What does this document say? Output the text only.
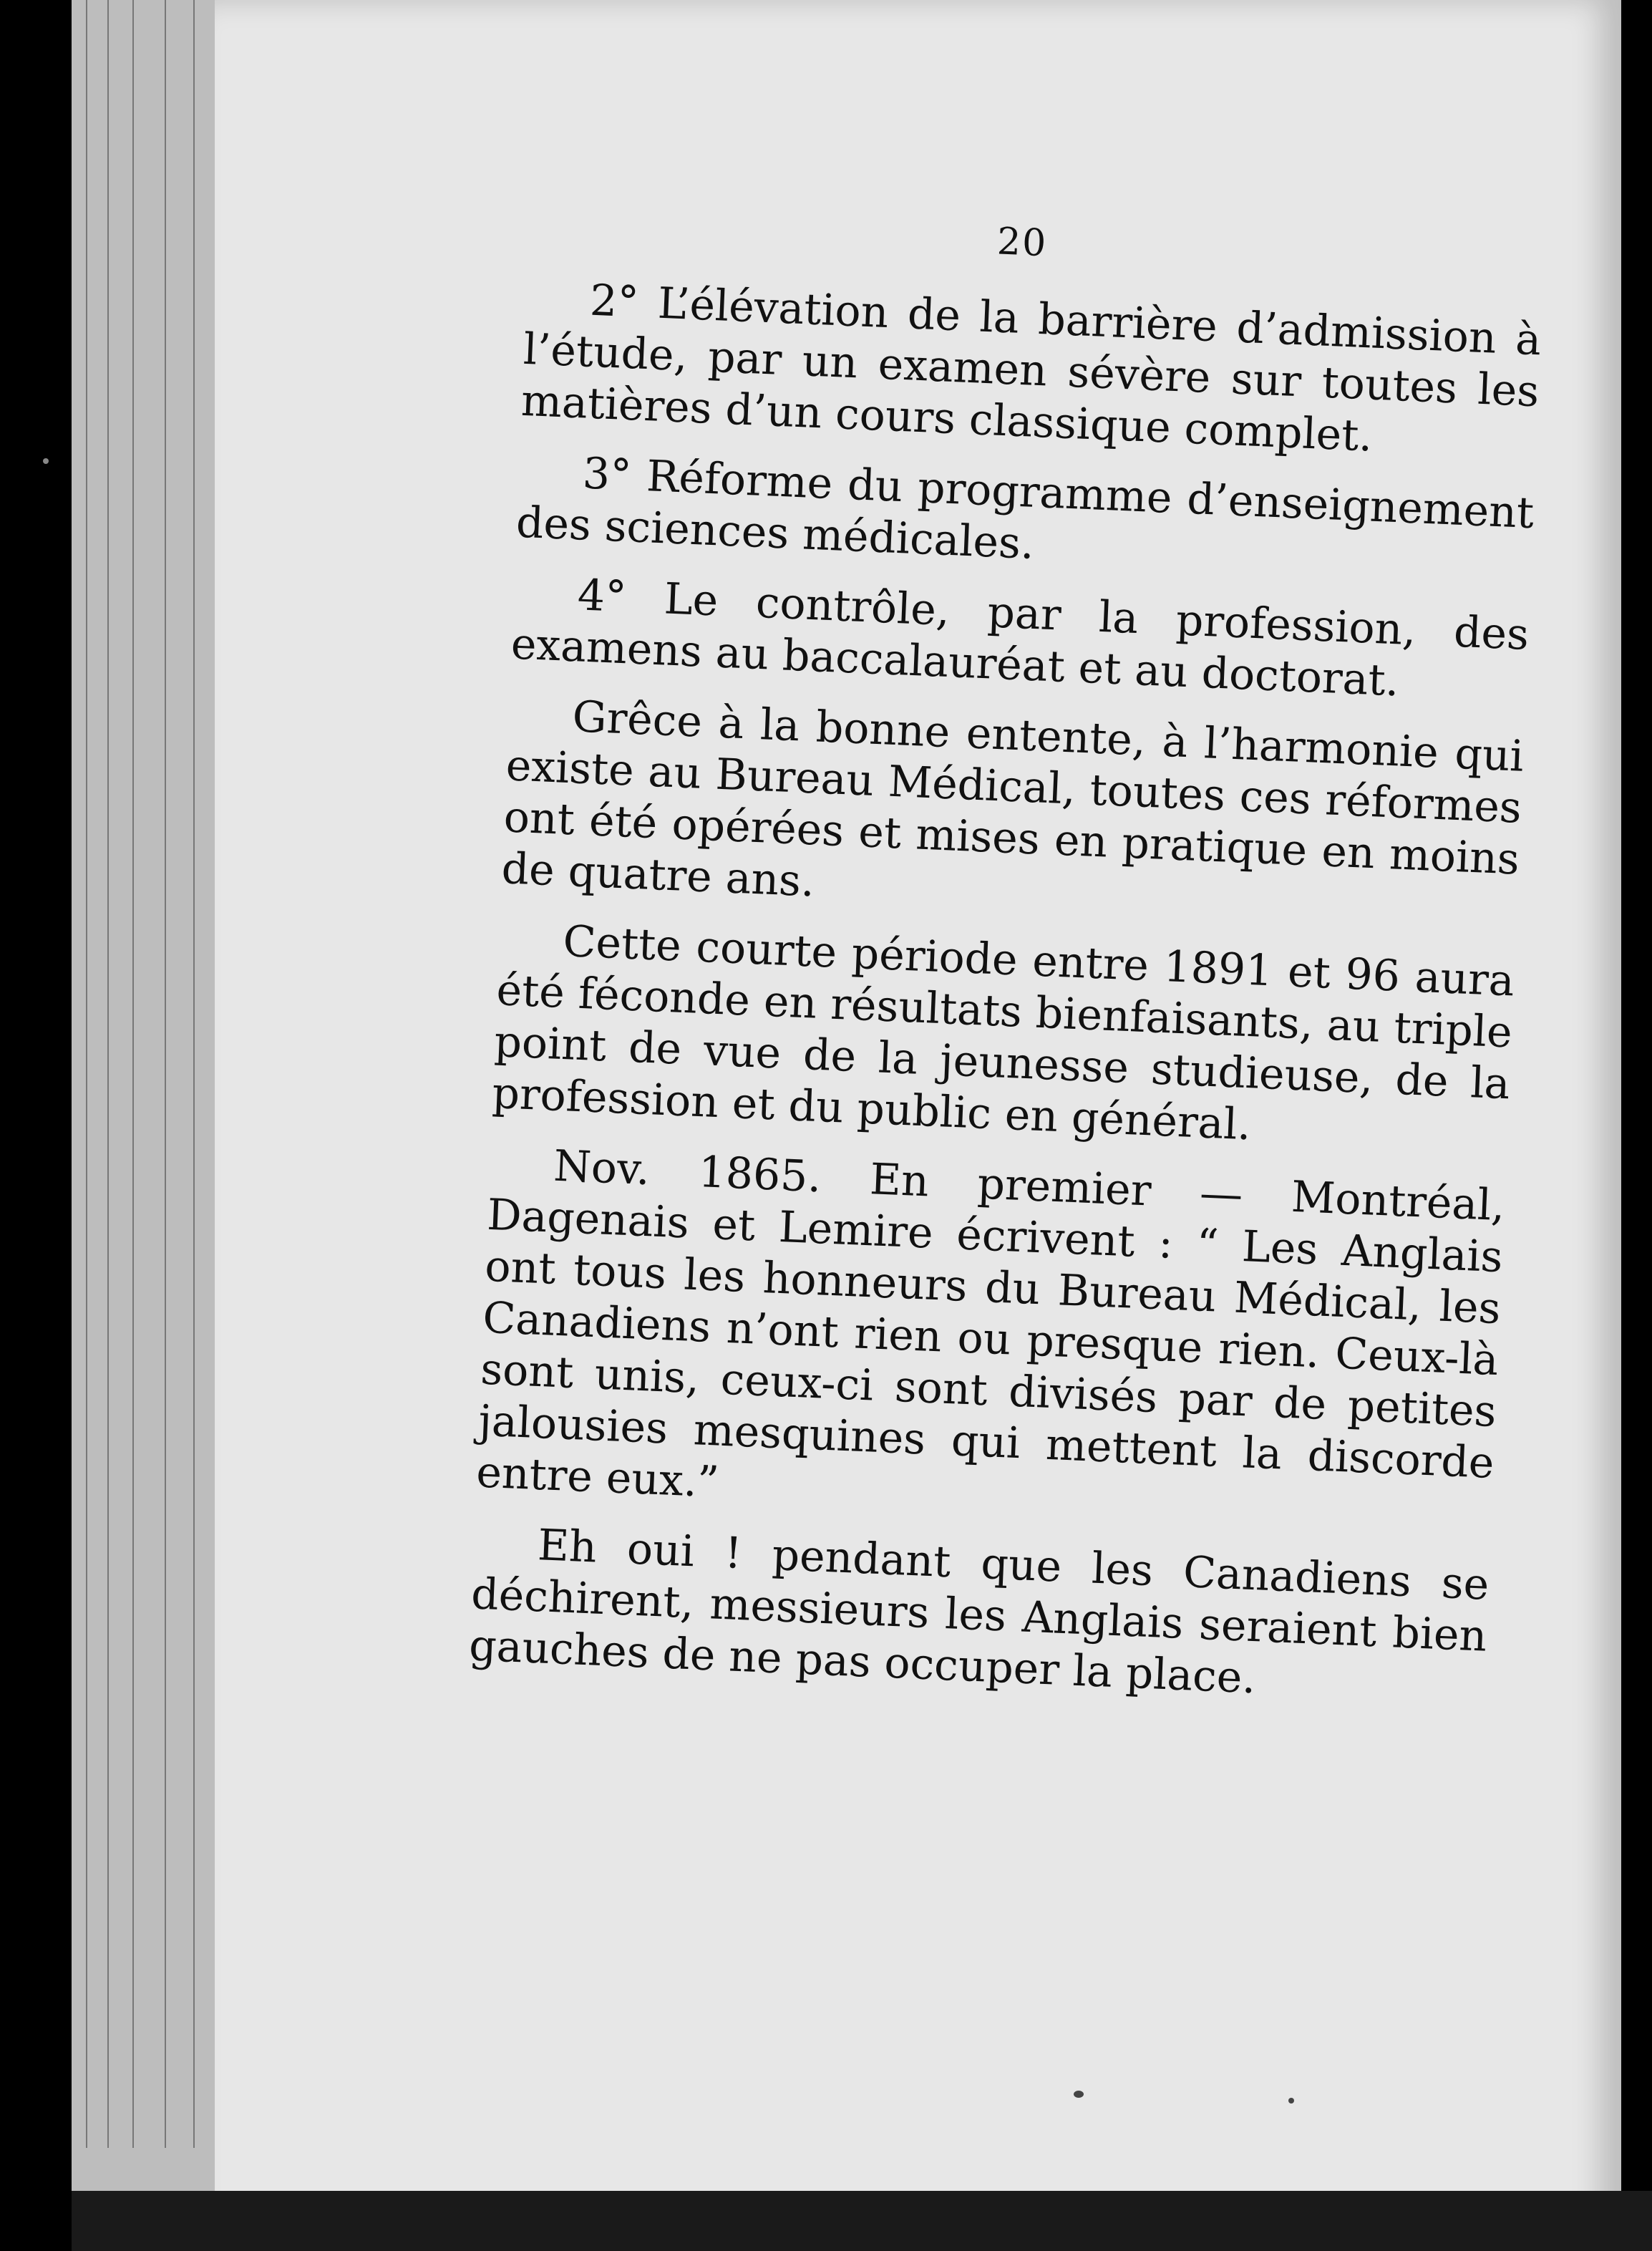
20

2° L’élévation de la barrière d’admission à l’étude, par un examen sévère sur toutes les matières d’un cours classique complet.

3° Réforme du programme d’enseignement des sciences médicales.

4° Le contrôle, par la profession, des examens au baccalauréat et au doctorat.

Grêce à la bonne entente, à l’harmonie qui existe au Bureau Médical, toutes ces réformes ont été opérées et mises en pratique en moins de quatre ans.

Cette courte période entre 1891 et 96 aura été féconde en résultats bienfaisants, au triple point de vue de la jeunesse studieuse, de la profession et du public en général.

Nov. 1865. En premier — Montréal, Dagenais et Lemire écrivent : “ Les Anglais ont tous les honneurs du Bureau Médical, les Canadiens n’ont rien ou presque rien. Ceux-là sont unis, ceux-ci sont divisés par de petites jalousies mesquines qui mettent la discorde entre eux.”

Eh oui ! pendant que les Canadiens se déchirent, messieurs les Anglais seraient bien gauches de ne pas occuper la place.
